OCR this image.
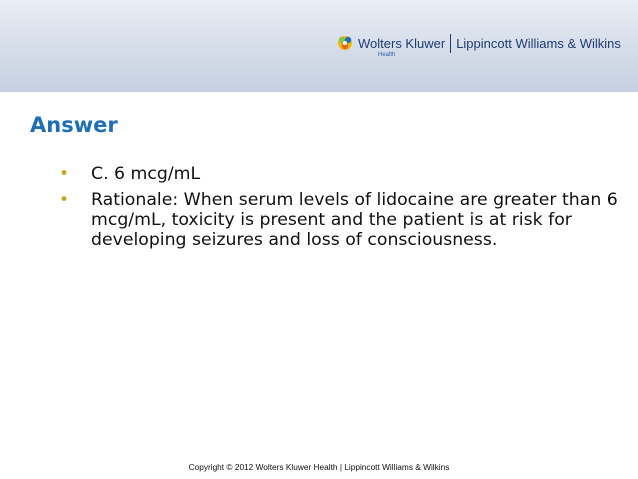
Wolters Kluwer Lippincott Williams & Wilkins
Health
Answer
• C. 6 mcg/mL
• Rationale: When serum levels of lidocaine are greater than 6 mcg/mL, toxicity is present and the patient is at risk for developing seizures and loss of consciousness.
Copyright © 2012 Wolters Kluwer Health | Lippincott Williams & Wilkins
